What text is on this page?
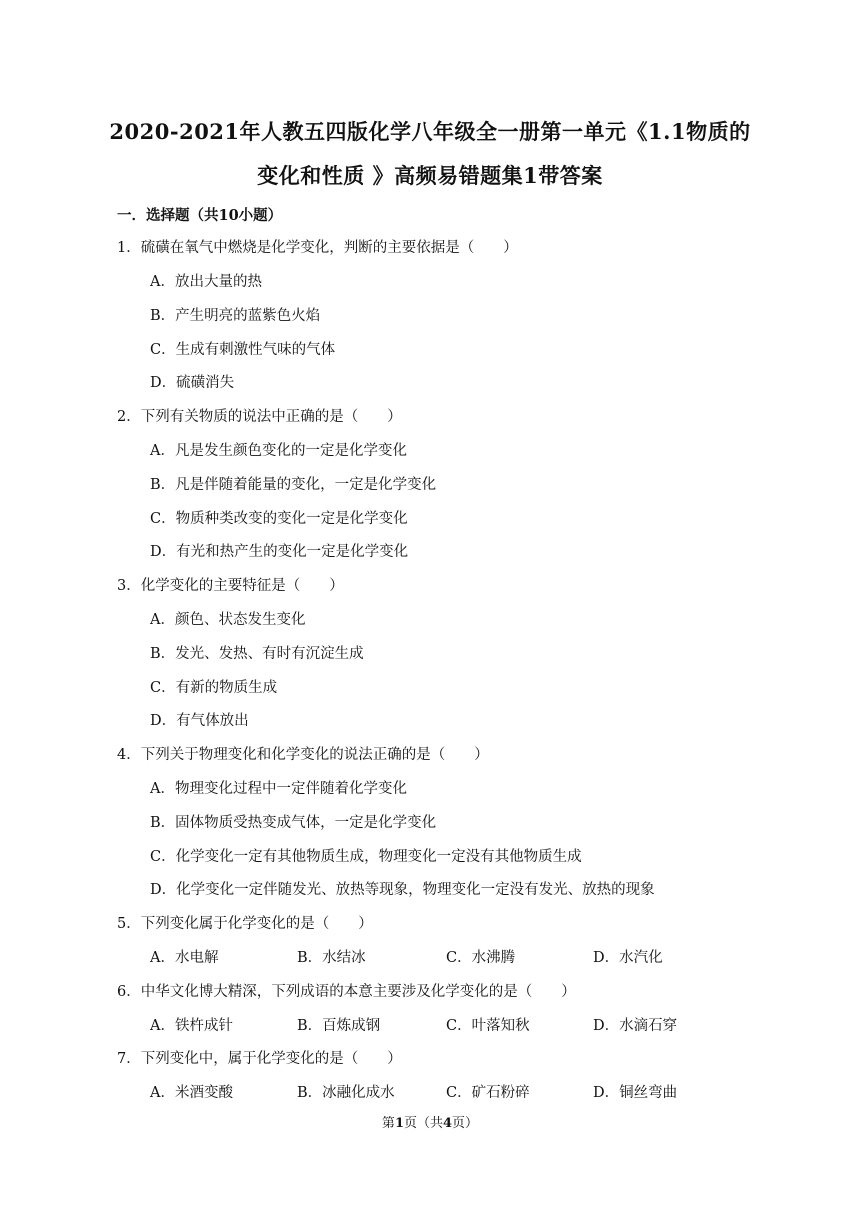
2020-2021年人教五四版化学八年级全一册第一单元《1.1物质的
变化和性质 》高频易错题集1带答案
一．选择题（共10小题）
1．硫磺在氧气中燃烧是化学变化，判断的主要依据是（　　）
A．放出大量的热
B．产生明亮的蓝紫色火焰
C．生成有刺激性气味的气体
D．硫磺消失
2．下列有关物质的说法中正确的是（　　）
A．凡是发生颜色变化的一定是化学变化
B．凡是伴随着能量的变化，一定是化学变化
C．物质种类改变的变化一定是化学变化
D．有光和热产生的变化一定是化学变化
3．化学变化的主要特征是（　　）
A．颜色、状态发生变化
B．发光、发热、有时有沉淀生成
C．有新的物质生成
D．有气体放出
4．下列关于物理变化和化学变化的说法正确的是（　　）
A．物理变化过程中一定伴随着化学变化
B．固体物质受热变成气体，一定是化学变化
C．化学变化一定有其他物质生成，物理变化一定没有其他物质生成
D．化学变化一定伴随发光、放热等现象，物理变化一定没有发光、放热的现象
5．下列变化属于化学变化的是（　　）
A．水电解	B．水结冰	C．水沸腾	D．水汽化
6．中华文化博大精深，下列成语的本意主要涉及化学变化的是（　　）
A．铁杵成针	B．百炼成钢	C．叶落知秋	D．水滴石穿
7．下列变化中，属于化学变化的是（　　）
A．米酒变酸	B．冰融化成水	C．矿石粉碎	D．铜丝弯曲
第1页（共4页）
